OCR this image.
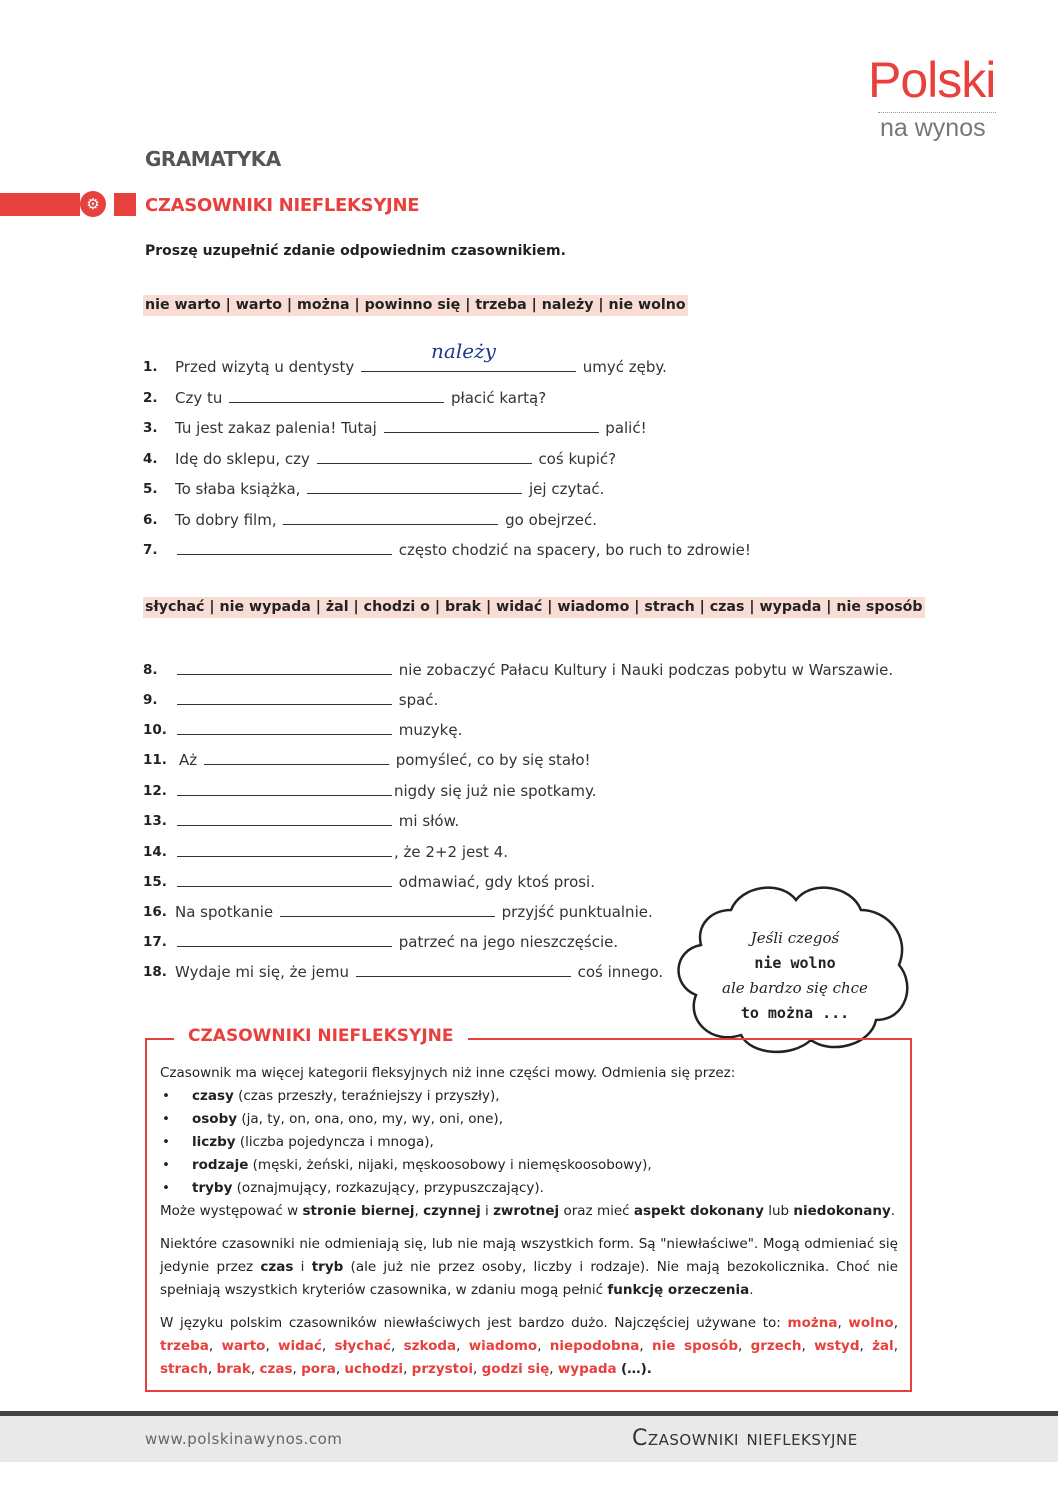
Polski
na wynos
GRAMATYKA
⚙	CZASOWNIKI NIEFLEKSYJNE
Proszę uzupełnić zdanie odpowiednim czasownikiem.
nie warto | warto | można | powinno się | trzeba | należy | nie wolno
1. Przed wizytą u dentysty
należy
umyć zęby.
2. Czy tu	płacić kartą?
3. Tu jest zakaz palenia! Tutaj	palić!
4. Idę do sklepu, czy	coś kupić?
5. To słaba książka,	jej czytać.
6. To dobry film,	go obejrzeć.
7.	często chodzić na spacery, bo ruch to zdrowie!
słychać | nie wypada | żal | chodzi o | brak | widać | wiadomo | strach | czas | wypada | nie sposób
8.	nie zobaczyć Pałacu Kultury i Nauki podczas pobytu w Warszawie.
9.	spać.
10.	muzykę.
11. Aż	pomyśleć, co by się stało!
12.	nigdy się już nie spotkamy.
13.	mi słów.
14.	, że 2+2 jest 4.
15.	odmawiać, gdy ktoś prosi.
16. Na spotkanie	przyjść punktualnie.
17.	patrzeć na jego nieszczęście.
18. Wydaje mi się, że jemu	coś innego.
Jeśli czegoś
nie wolno
ale bardzo się chce
to można ...
CZASOWNIKI NIEFLEKSYJNE

Czasownik ma więcej kategorii fleksyjnych niż inne części mowy. Odmienia się przez:

• czasy (czas przeszły, teraźniejszy i przyszły),
• osoby (ja, ty, on, ona, ono, my, wy, oni, one),
• liczby (liczba pojedyncza i mnoga),
• rodzaje (męski, żeński, nijaki, męskoosobowy i niemęskoosobowy),
• tryby (oznajmujący, rozkazujący, przypuszczający).

Może występować w stronie biernej, czynnej i zwrotnej oraz mieć aspekt dokonany lub niedokonany.

Niektóre czasowniki nie odmieniają się, lub nie mają wszystkich form. Są "niewłaściwe". Mogą odmieniać się jedynie przez czas i tryb (ale już nie przez osoby, liczby i rodzaje). Nie mają bezokolicznika. Choć nie spełniają wszystkich kryteriów czasownika, w zdaniu mogą pełnić funkcję orzeczenia.

W języku polskim czasowników niewłaściwych jest bardzo dużo. Najczęściej używane to: można, wolno, trzeba, warto, widać, słychać, szkoda, wiadomo, niepodobna, nie sposób, grzech, wstyd, żal, strach, brak, czas, pora, uchodzi, przystoi, godzi się, wypada (…).

www.polskinawynos.com	Czasowniki niefleksyjne
